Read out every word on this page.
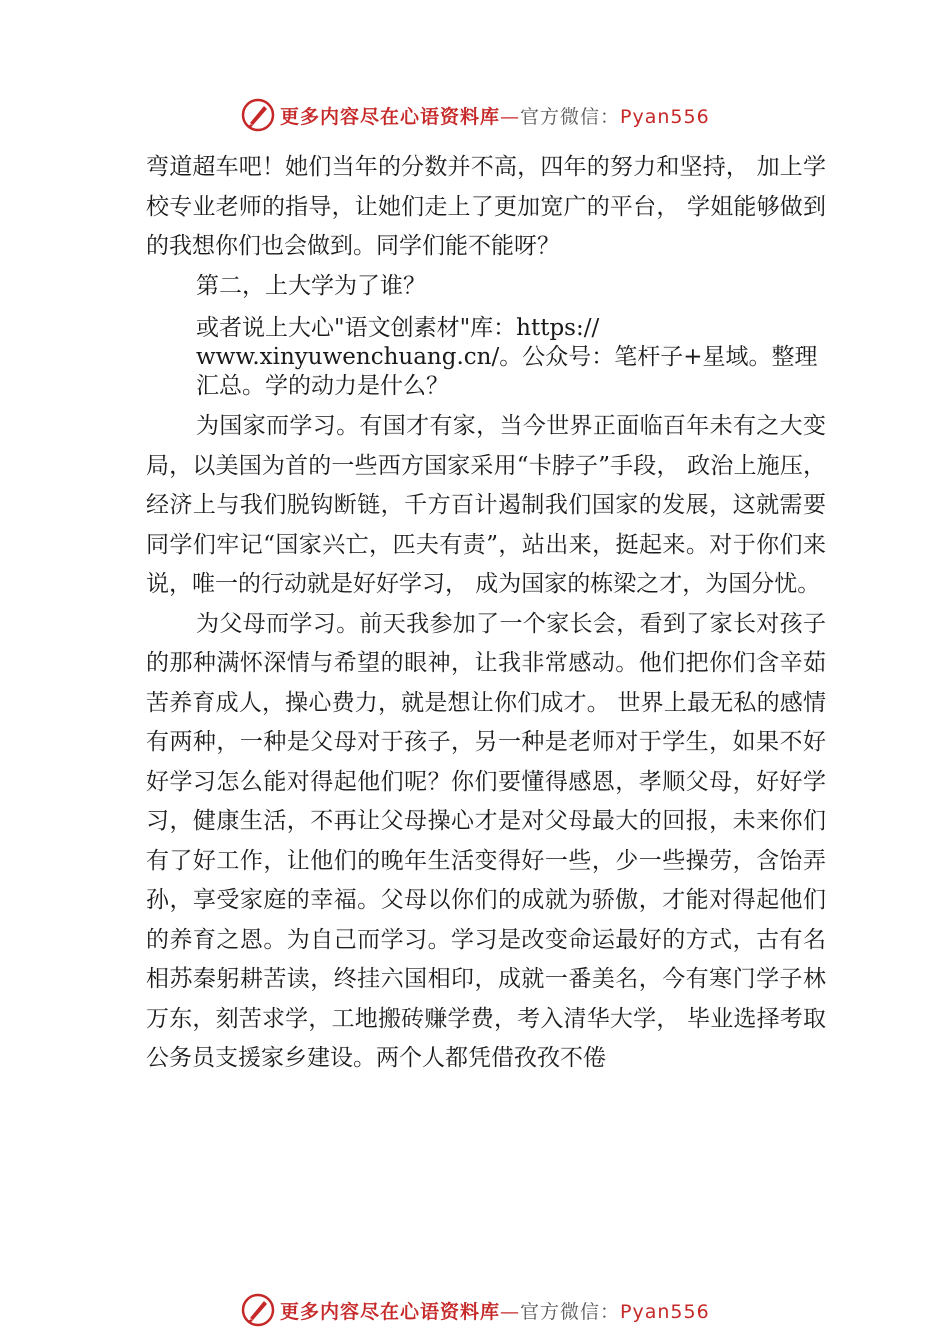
更多内容尽在心语资料库—官方微信：Pyan556

弯道超车吧！她们当年的分数并不高，四年的努力和坚持， 加上学校专业老师的指导，让她们走上了更加宽广的平台， 学姐能够做到的我想你们也会做到。同学们能不能呀？

第二，上大学为了谁？

或者说上大心"语文创素材"库：https://
www.xinyuwenchuang.cn/。公众号：笔杆子+星域。整理汇总。学的动力是什么？

为国家而学习。有国才有家，当今世界正面临百年未有之大变局，以美国为首的一些西方国家采用“卡脖子”手段， 政治上施压，经济上与我们脱钩断链，千方百计遏制我们国家的发展，这就需要同学们牢记“国家兴亡，匹夫有责”，站出来，挺起来。对于你们来说，唯一的行动就是好好学习， 成为国家的栋梁之才，为国分忧。

为父母而学习。前天我参加了一个家长会，看到了家长对孩子的那种满怀深情与希望的眼神，让我非常感动。他们把你们含辛茹苦养育成人，操心费力，就是想让你们成才。 世界上最无私的感情有两种，一种是父母对于孩子，另一种是老师对于学生，如果不好好学习怎么能对得起他们呢？你们要懂得感恩，孝顺父母，好好学习，健康生活，不再让父母操心才是对父母最大的回报，未来你们有了好工作，让他们的晚年生活变得好一些，少一些操劳，含饴弄孙，享受家庭的幸福。父母以你们的成就为骄傲，才能对得起他们的养育之恩。为自己而学习。学习是改变命运最好的方式，古有名相苏秦躬耕苦读，终挂六国相印，成就一番美名，今有寒门学子林万东，刻苦求学，工地搬砖赚学费，考入清华大学， 毕业选择考取公务员支援家乡建设。两个人都凭借孜孜不倦

更多内容尽在心语资料库—官方微信：Pyan556
